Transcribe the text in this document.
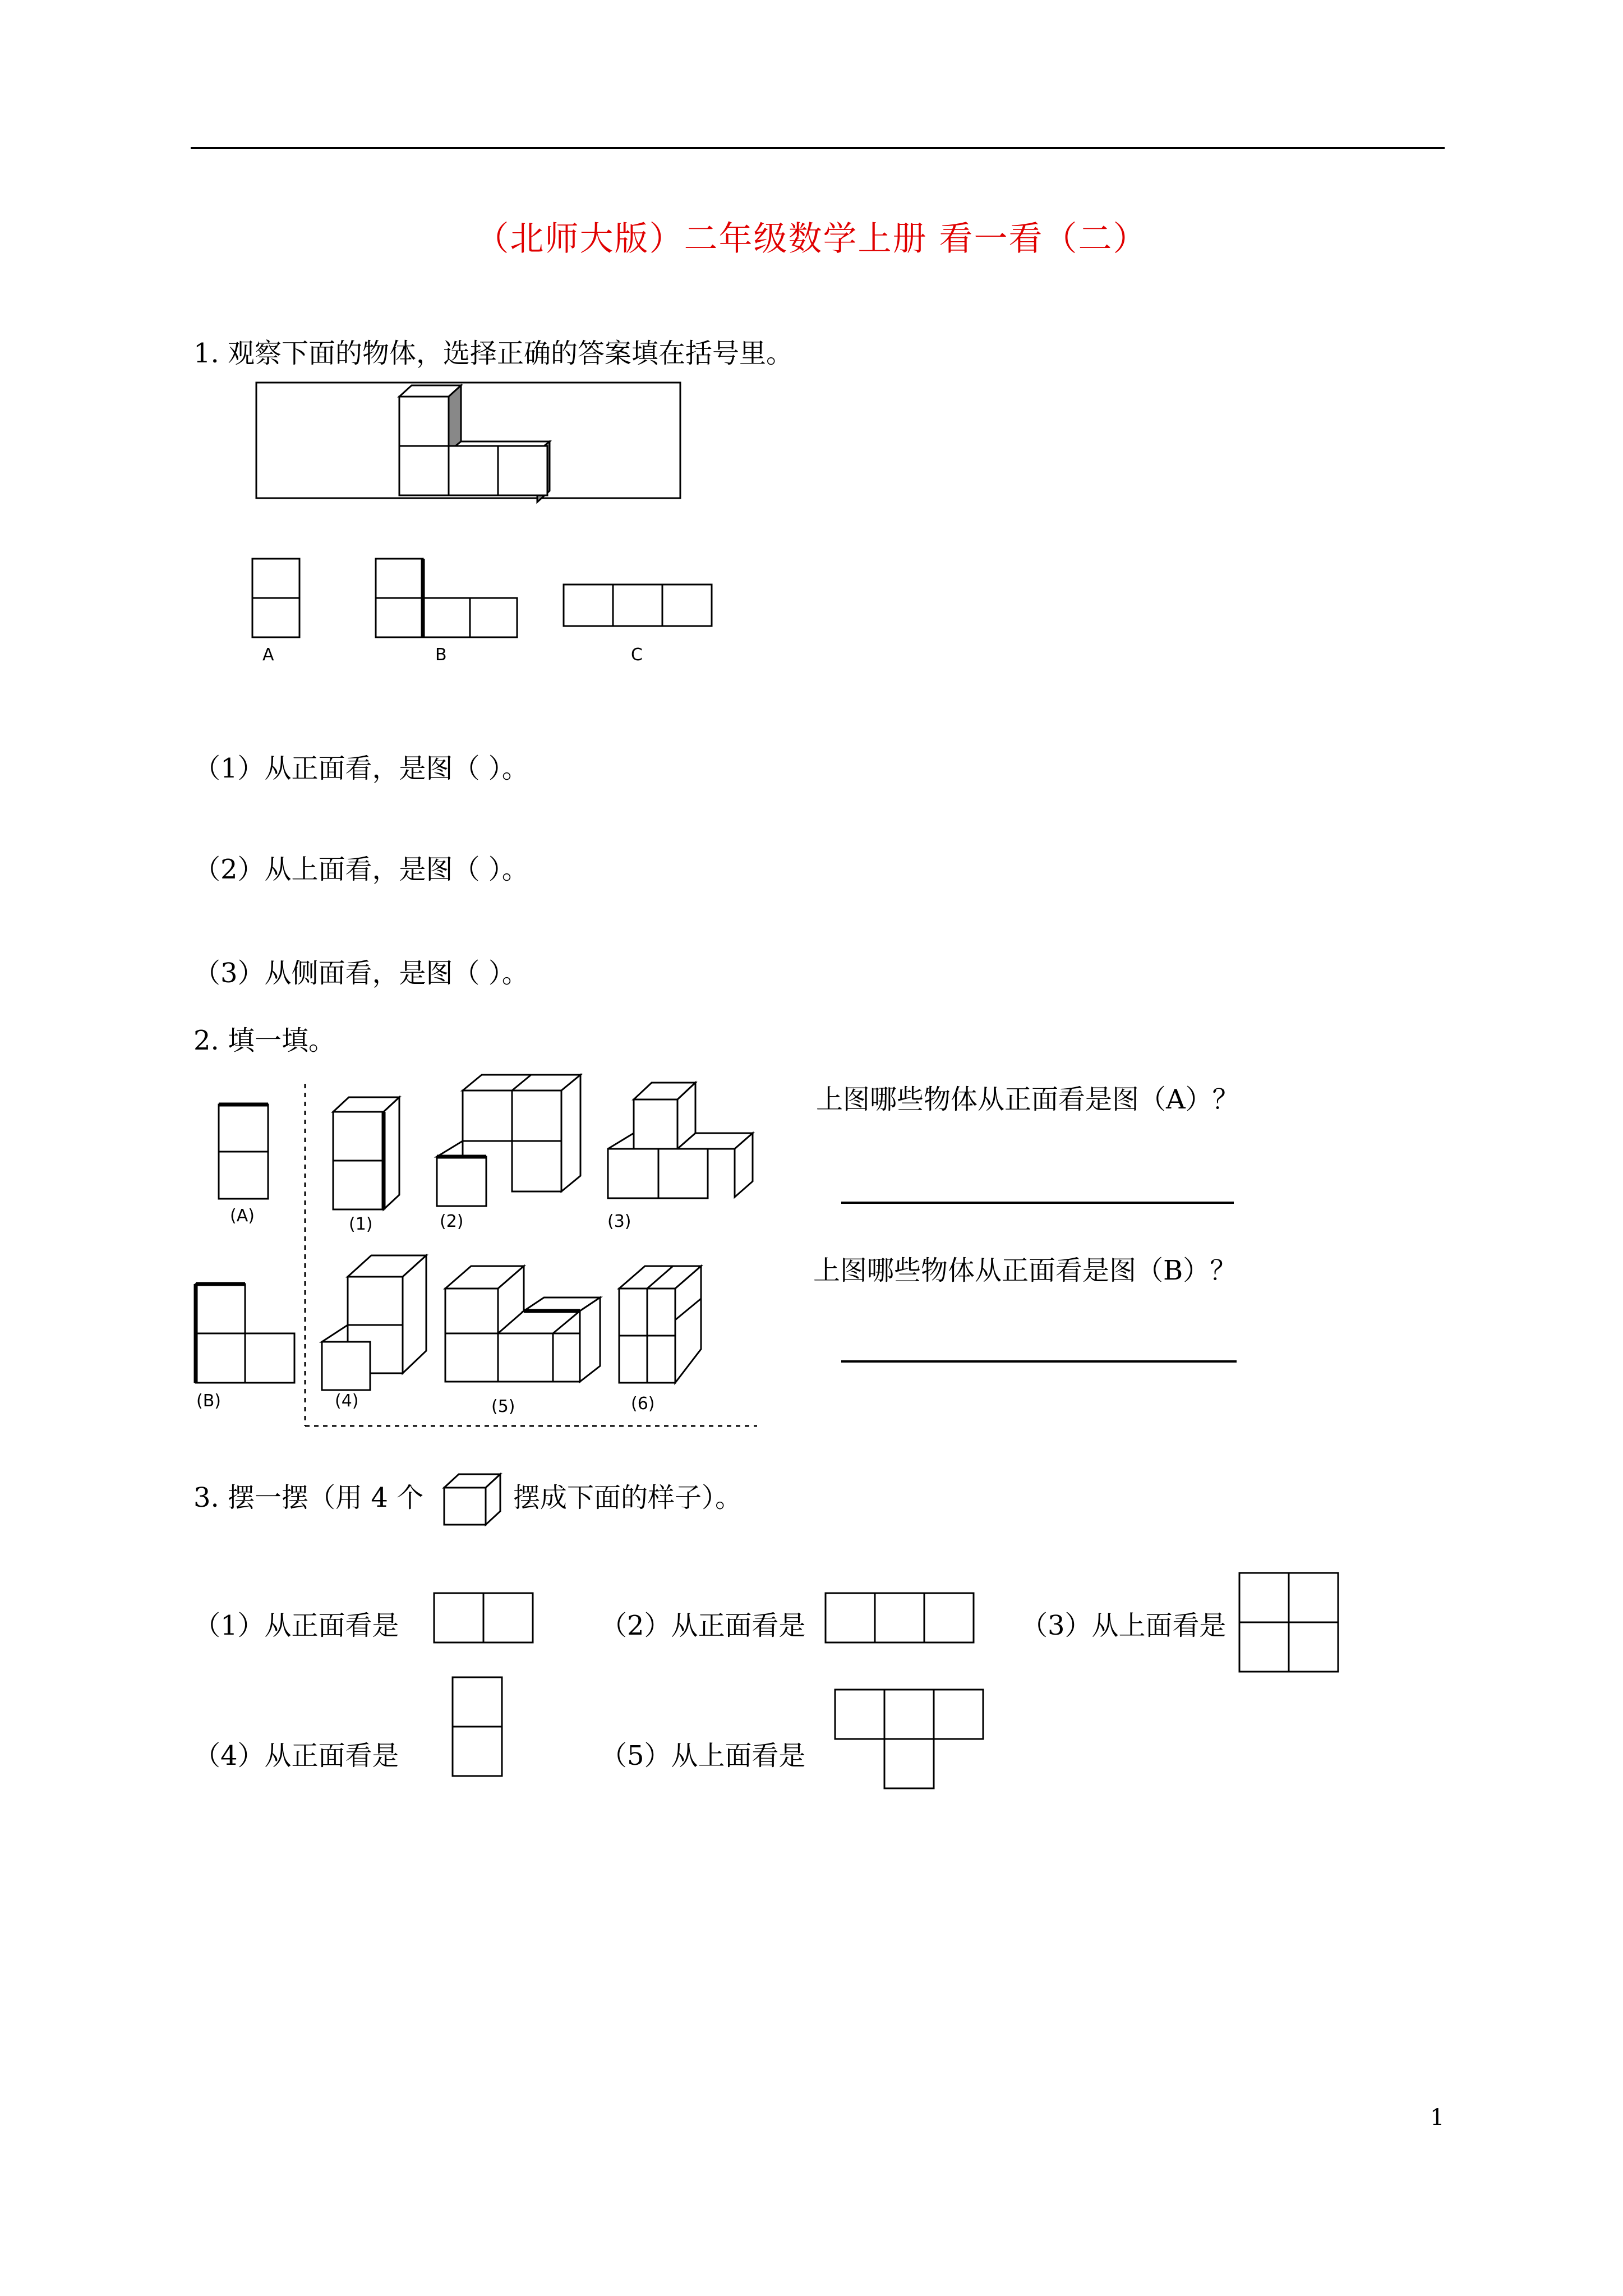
（北师大版）二年级数学上册 看一看（二）
1. 观察下面的物体，选择正确的答案填在括号里。
A	B	C
（1）从正面看，是图（ ）。
（2）从上面看，是图（ ）。
（3）从侧面看，是图（ ）。
2. 填一填。
(A)
(B)
(1)	(2)	(3)
(4)	(5)	(6)
上图哪些物体从正面看是图（A）？
上图哪些物体从正面看是图（B）？
3. 摆一摆（用 4 个	摆成下面的样子）。
（1）从正面看是	（2）从正面看是	（3）从上面看是
（4）从正面看是	（5）从上面看是
1
